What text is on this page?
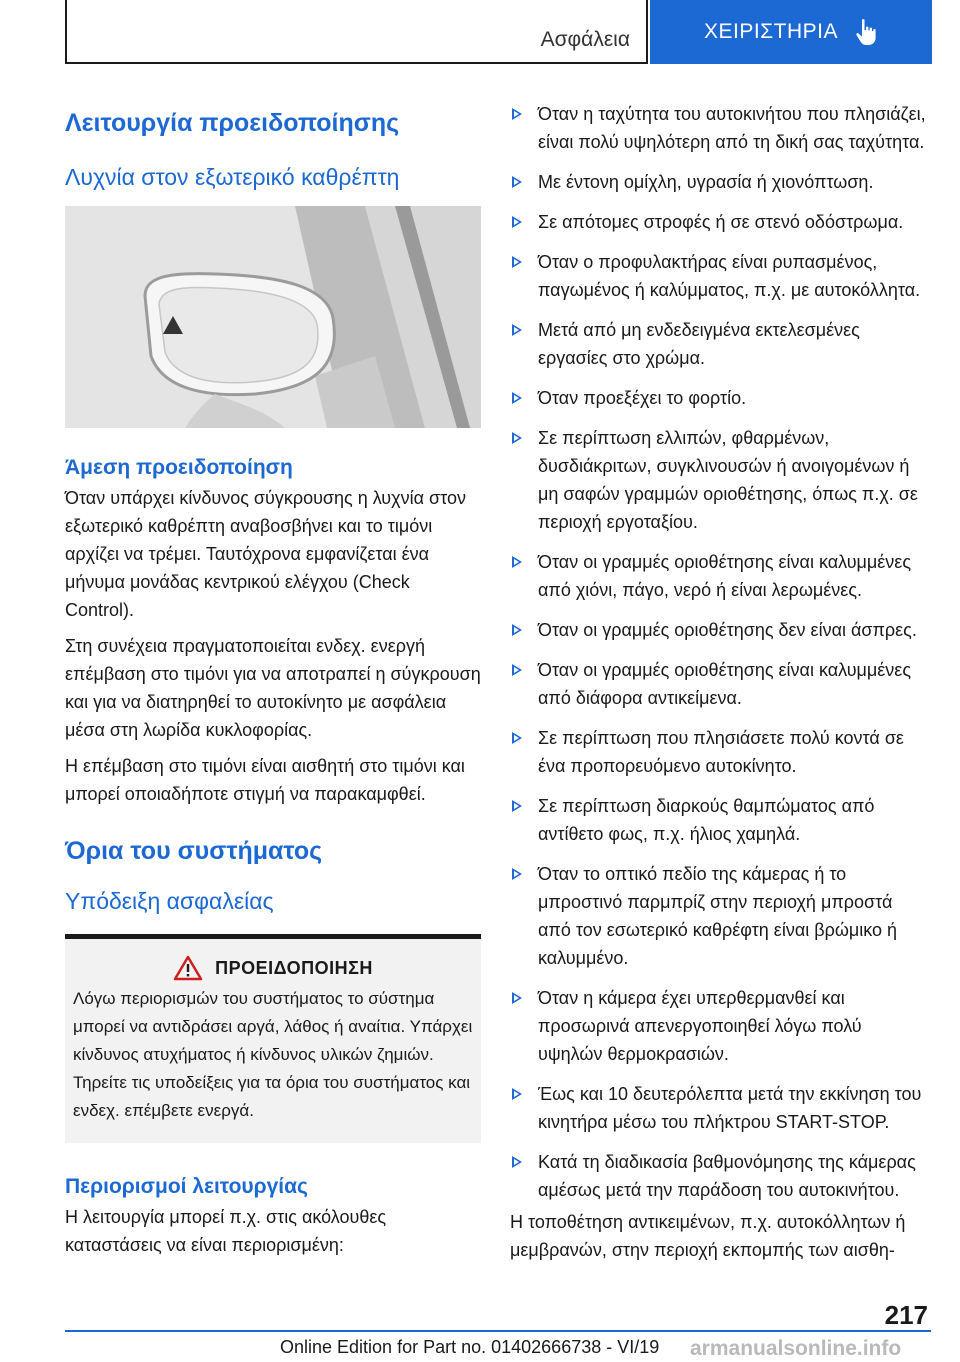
Ασφάλεια	ΧΕΙΡΙΣΤΗΡΙΑ
Λειτουργία προειδοποίησης
Λυχνία στον εξωτερικό καθρέπτη
Άμεση προειδοποίηση

Όταν υπάρχει κίνδυνος σύγκρουσης η λυχνία στον εξωτερικό καθρέπτη αναβοσβήνει και το τιμόνι αρχίζει να τρέμει. Ταυτόχρονα εμφανίζεται ένα μήνυμα μονάδας κεντρικού ελέγχου (Check Control).

Στη συνέχεια πραγματοποιείται ενδεχ. ενεργή επέμβαση στο τιμόνι για να αποτραπεί η σύγκρουση και για να διατηρηθεί το αυτοκίνητο με ασφάλεια μέσα στη λωρίδα κυκλοφορίας.

Η επέμβαση στο τιμόνι είναι αισθητή στο τιμόνι και μπορεί οποιαδήποτε στιγμή να παρακαμφθεί.

Όρια του συστήματος
Υπόδειξη ασφαλείας
ΠΡΟΕΙΔΟΠΟΙΗΣΗ
Λόγω περιορισμών του συστήματος το σύστημα μπορεί να αντιδράσει αργά, λάθος ή αναίτια. Υπάρχει κίνδυνος ατυχήματος ή κίνδυνος υλικών ζημιών. Τηρείτε τις υποδείξεις για τα όρια του συστήματος και ενδεχ. επέμβετε ενεργά.
Περιορισμοί λειτουργίας

Η λειτουργία μπορεί π.χ. στις ακόλουθες καταστάσεις να είναι περιορισμένη:

Όταν η ταχύτητα του αυτοκινήτου που πλησιάζει, είναι πολύ υψηλότερη από τη δική σας ταχύτητα.
Με έντονη ομίχλη, υγρασία ή χιονόπτωση.
Σε απότομες στροφές ή σε στενό οδόστρωμα.
Όταν ο προφυλακτήρας είναι ρυπασμένος, παγωμένος ή καλύμματος, π.χ. με αυτοκόλλητα.
Μετά από μη ενδεδειγμένα εκτελεσμένες εργασίες στο χρώμα.
Όταν προεξέχει το φορτίο.
Σε περίπτωση ελλιπών, φθαρμένων, δυσδιάκριτων, συγκλινουσών ή ανοιγομένων ή μη σαφών γραμμών οριοθέτησης, όπως π.χ. σε περιοχή εργοταξίου.
Όταν οι γραμμές οριοθέτησης είναι καλυμμένες από χιόνι, πάγο, νερό ή είναι λερωμένες.
Όταν οι γραμμές οριοθέτησης δεν είναι άσπρες.
Όταν οι γραμμές οριοθέτησης είναι καλυμμένες από διάφορα αντικείμενα.
Σε περίπτωση που πλησιάσετε πολύ κοντά σε ένα προπορευόμενο αυτοκίνητο.
Σε περίπτωση διαρκούς θαμπώματος από αντίθετο φως, π.χ. ήλιος χαμηλά.
Όταν το οπτικό πεδίο της κάμερας ή το μπροστινό παρμπρίζ στην περιοχή μπροστά από τον εσωτερικό καθρέφτη είναι βρώμικο ή καλυμμένο.
Όταν η κάμερα έχει υπερθερμανθεί και προσωρινά απενεργοποιηθεί λόγω πολύ υψηλών θερμοκρασιών.
Έως και 10 δευτερόλεπτα μετά την εκκίνηση του κινητήρα μέσω του πλήκτρου START-STOP.
Κατά τη διαδικασία βαθμονόμησης της κάμερας αμέσως μετά την παράδοση του αυτοκινήτου.

Η τοποθέτηση αντικειμένων, π.χ. αυτοκόλλητων ή μεμβρανών, στην περιοχή εκπομπής των αισθη-

217
Online Edition for Part no. 01402666738 - VI/19 armanualsonline.info
